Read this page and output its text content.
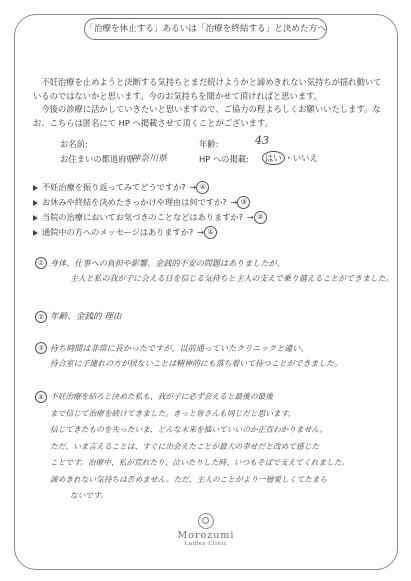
「治療を休止する」あるいは「治療を終結する」と決めた方へ

不妊治療を止めようと決断する気持ちとまだ続けようかと諦めきれない気持ちが揺れ動いているのではないかと思います。今のお気持ちを聞かせて頂ければと思います。

今後の診療に活かしていきたいと思いますので、ご協力の程よろしくお願いいたします。なお、こちらは匿名にて HP へ掲載させて頂くことがございます。

お名前:	年齢:	43
お住まいの都道府県:
神奈川県	HP への掲載:	はい ・いいえ
不妊治療を振り返ってみてどうですか? → ④
お休みや終結を決めたきっかけや理由は何ですか? → ③
当院の治療においてお気づきのことなどはありますか? → ②
通院中の方へのメッセージはありますか? → ①
① 身体、仕事への負担や影響、金銭的不安の問題はありましたが、
主人と私の我が子に会える日を信じる気持ちと主人の支えで乗り越えることができました。
② 年齢、金銭的 理由
③ 待ち時間は非常に長かったですが、以前通っていたクリニックと違い、
待合室に子連れの方が居ないことは精神的にも落ち着いて待つことができました。
④ 不妊治療を結ろと決めた私も、我が子に必ず会えると最後の最後
まで信じて治療を続けてきました。きっと皆さんも同じだと思います。
信じてきたものを失ったいま、どんな未来を描いていいのか正直わかりません。
ただ、いま言えることは、すぐに出会えたことが最大の幸せだと改めて感じた
ことです。治療中、私が荒れたり、泣いたりした時、いつもそばで支えてくれました。
諦めきれない気持ちは否めません。ただ、主人のことがより一層愛しくてたまら
ないです。
Morozumi
Ladies Clinic
